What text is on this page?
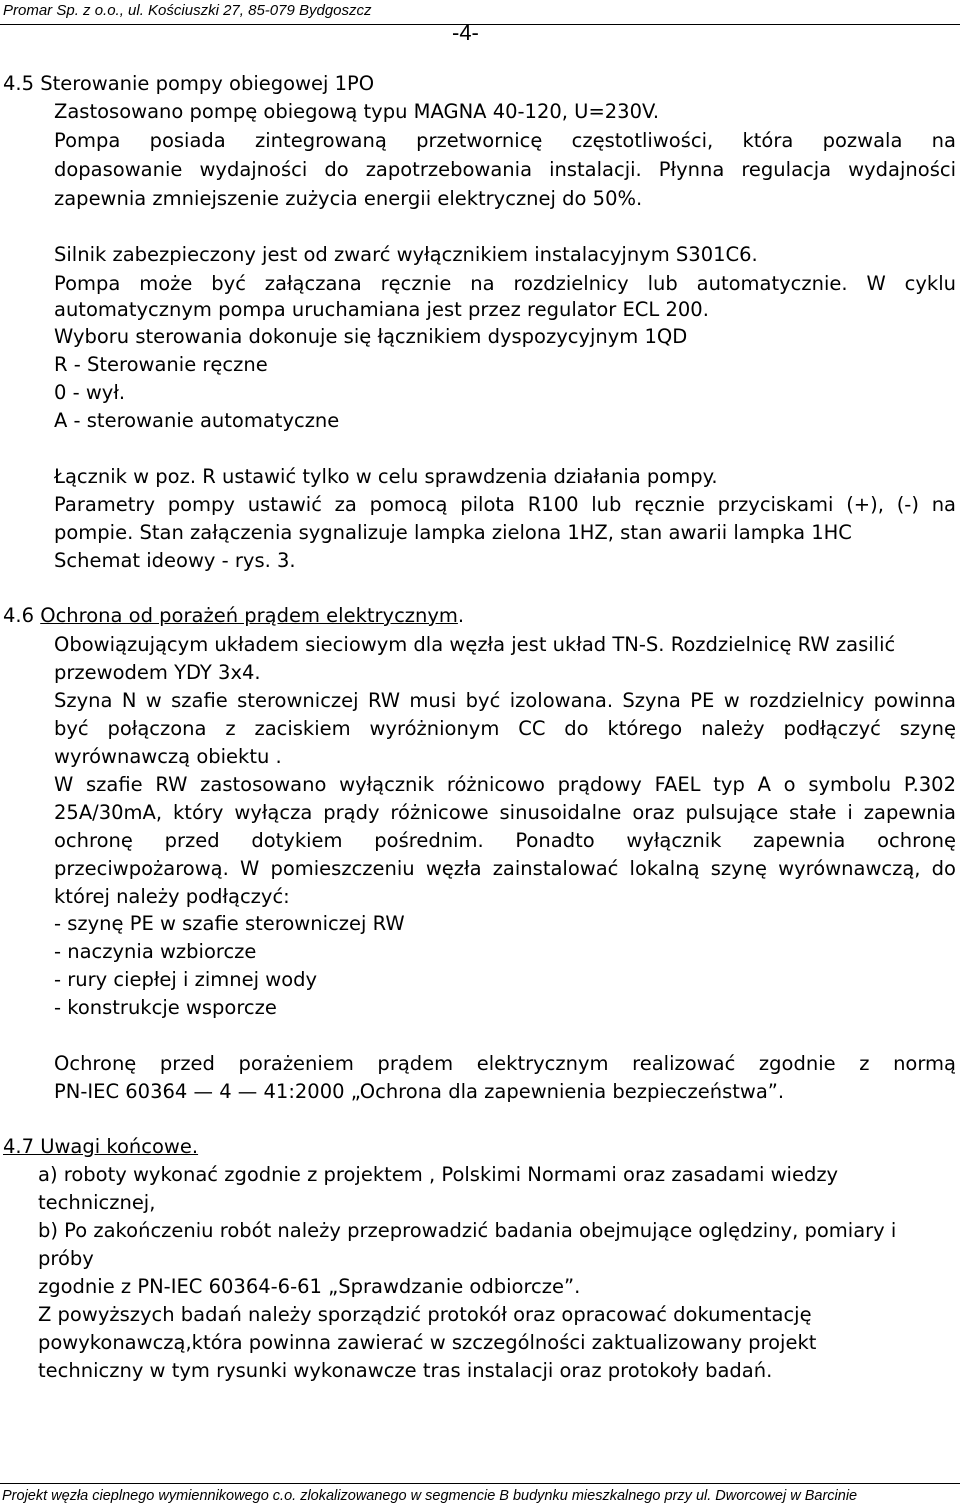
Promar Sp. z o.o., ul. Kościuszki 27, 85-079 Bydgoszcz
-4-
4.5 Sterowanie pompy obiegowej 1PO
Zastosowano pompę obiegową typu MAGNA 40-120, U=230V.
Pompa posiada zintegrowaną przetwornicę częstotliwości, która pozwala na
dopasowanie wydajności do zapotrzebowania instalacji. Płynna regulacja wydajności
zapewnia zmniejszenie zużycia energii elektrycznej do 50%.
Silnik zabezpieczony jest od zwarć wyłącznikiem instalacyjnym S301C6.
Pompa może być załączana ręcznie na rozdzielnicy lub automatycznie. W cyklu
automatycznym pompa uruchamiana jest przez regulator ECL 200.
Wyboru sterowania dokonuje się łącznikiem dyspozycyjnym 1QD
R - Sterowanie ręczne
0 - wył.
A - sterowanie automatyczne
Łącznik w poz. R ustawić tylko w celu sprawdzenia działania pompy.
Parametry pompy ustawić za pomocą pilota R100 lub ręcznie przyciskami (+), (-) na
pompie. Stan załączenia sygnalizuje lampka zielona 1HZ, stan awarii lampka 1HC
Schemat ideowy - rys. 3.
4.6 Ochrona od porażeń prądem elektrycznym.
Obowiązującym układem sieciowym dla węzła jest układ TN-S. Rozdzielnicę RW zasilić
przewodem YDY 3x4.
Szyna N w szafie sterowniczej RW musi być izolowana. Szyna PE w rozdzielnicy powinna
być połączona z zaciskiem wyróżnionym CC do którego należy podłączyć szynę
wyrównawczą obiektu .
W szafie RW zastosowano wyłącznik różnicowo prądowy FAEL typ A o symbolu P.302
25A/30mA, który wyłącza prądy różnicowe sinusoidalne oraz pulsujące stałe i zapewnia
ochronę przed dotykiem pośrednim. Ponadto wyłącznik zapewnia ochronę
przeciwpożarową. W pomieszczeniu węzła zainstalować lokalną szynę wyrównawczą, do
której należy podłączyć:
- szynę PE w szafie sterowniczej RW
- naczynia wzbiorcze
- rury ciepłej i zimnej wody
- konstrukcje wsporcze
Ochronę przed porażeniem prądem elektrycznym realizować zgodnie z normą
PN-IEC 60364 — 4 — 41:2000 „Ochrona dla zapewnienia bezpieczeństwa”.
4.7 Uwagi końcowe.
a) roboty wykonać zgodnie z projektem , Polskimi Normami oraz zasadami wiedzy
technicznej,
b) Po zakończeniu robót należy przeprowadzić badania obejmujące oględziny, pomiary i
próby
zgodnie z PN-IEC 60364-6-61 „Sprawdzanie odbiorcze”.
Z powyższych badań należy sporządzić protokół oraz opracować dokumentację
powykonawczą,która powinna zawierać w szczególności zaktualizowany projekt
techniczny w tym rysunki wykonawcze tras instalacji oraz protokoły badań.
Projekt węzła cieplnego wymiennikowego c.o. zlokalizowanego w segmencie B budynku mieszkalnego przy ul. Dworcowej w Barcinie
